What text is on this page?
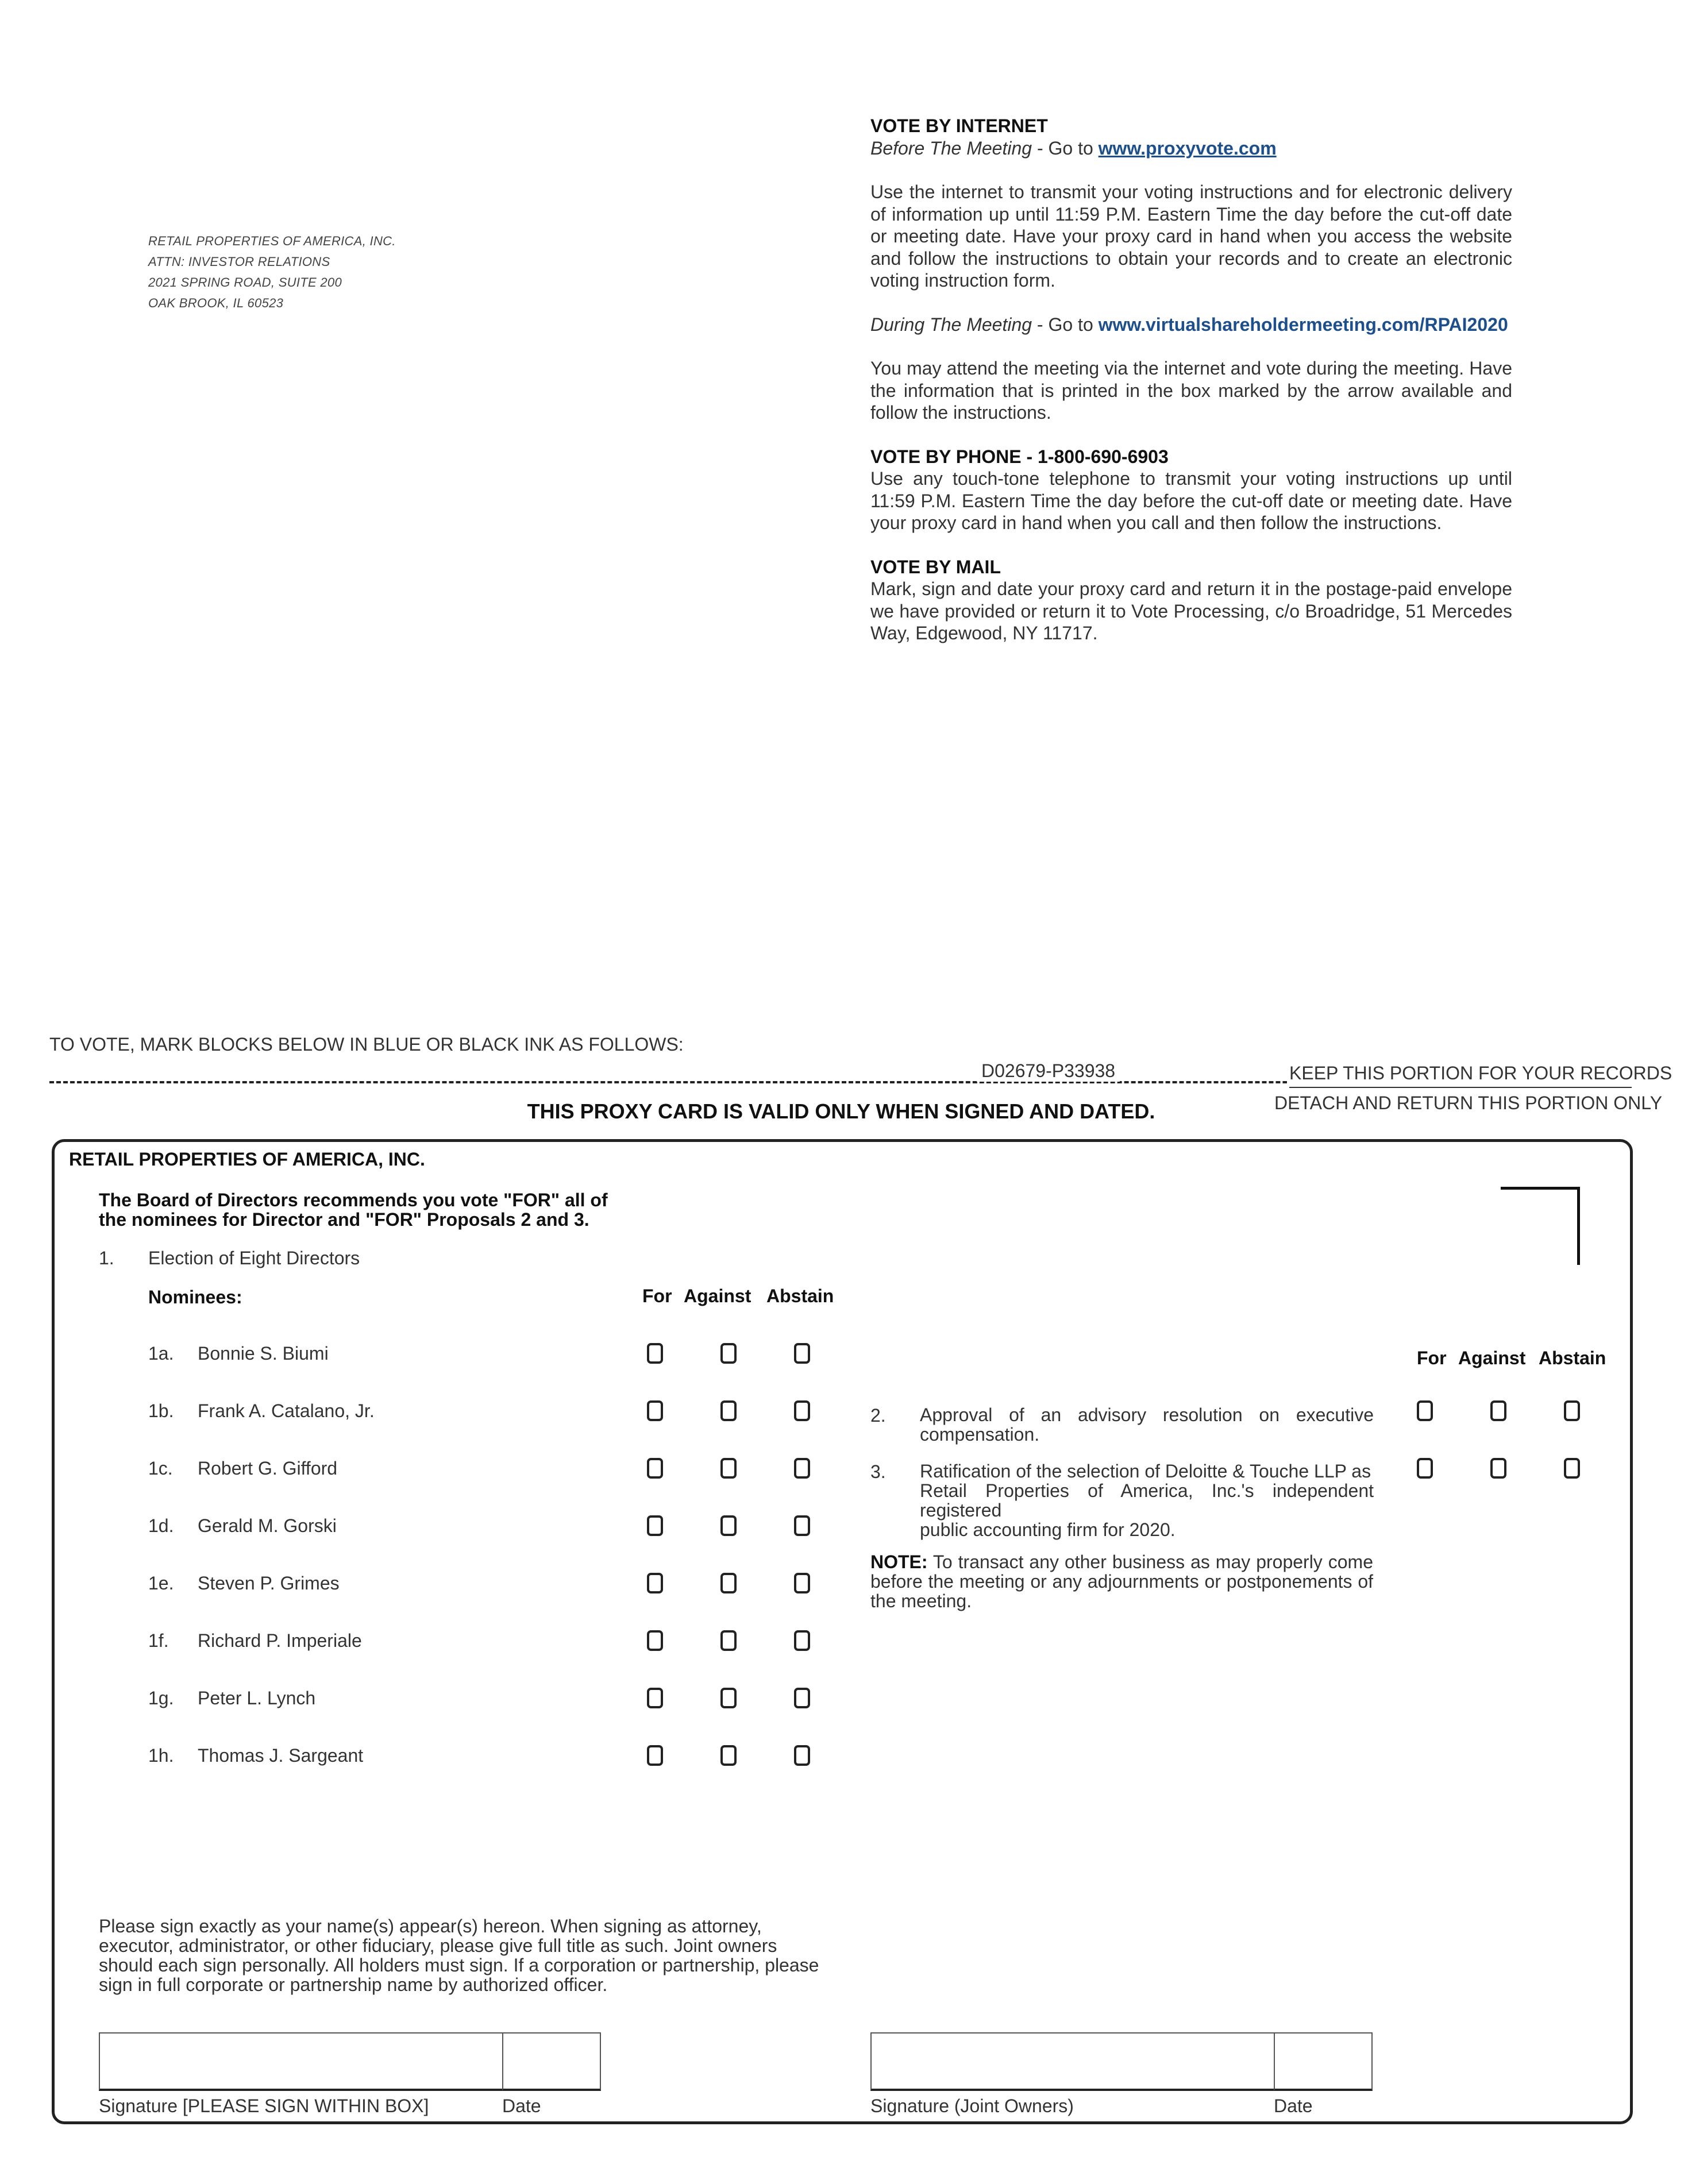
RETAIL PROPERTIES OF AMERICA, INC.
ATTN: INVESTOR RELATIONS
2021 SPRING ROAD, SUITE 200
OAK BROOK, IL 60523
VOTE BY INTERNET
Before The Meeting - Go to www.proxyvote.com

Use the internet to transmit your voting instructions and for electronic delivery of information up until 11:59 P.M. Eastern Time the day before the cut-off date or meeting date. Have your proxy card in hand when you access the website and follow the instructions to obtain your records and to create an electronic voting instruction form.

During The Meeting - Go to www.virtualshareholdermeeting.com/RPAI2020

You may attend the meeting via the internet and vote during the meeting. Have the information that is printed in the box marked by the arrow available and follow the instructions.

VOTE BY PHONE - 1-800-690-6903

Use any touch-tone telephone to transmit your voting instructions up until 11:59 P.M. Eastern Time the day before the cut-off date or meeting date. Have your proxy card in hand when you call and then follow the instructions.

VOTE BY MAIL

Mark, sign and date your proxy card and return it in the postage-paid envelope we have provided or return it to Vote Processing, c/o Broadridge, 51 Mercedes Way, Edgewood, NY 11717.

TO VOTE, MARK BLOCKS BELOW IN BLUE OR BLACK INK AS FOLLOWS:
D02679-P33938	KEEP THIS PORTION FOR YOUR RECORDS
DETACH AND RETURN THIS PORTION ONLY
THIS PROXY CARD IS VALID ONLY WHEN SIGNED AND DATED.
RETAIL PROPERTIES OF AMERICA, INC.
The Board of Directors recommends you vote "FOR" all of
the nominees for Director and "FOR" Proposals 2 and 3.
1. Election of Eight Directors
Nominees:	For Against Abstain
1a. Bonnie S. Biumi
1b. Frank A. Catalano, Jr.
1c. Robert G. Gifford
1d. Gerald M. Gorski
1e. Steven P. Grimes
1f. Richard P. Imperiale
1g. Peter L. Lynch
1h. Thomas J. Sargeant
For Against Abstain
2. Approval of an advisory resolution on executive
compensation.
3. Ratification of the selection of Deloitte & Touche LLP as
Retail Properties of America, Inc.'s independent registered
public accounting firm for 2020.
NOTE: To transact any other business as may properly come before the meeting or any adjournments or postponements of the meeting.
Please sign exactly as your name(s) appear(s) hereon. When signing as attorney, executor, administrator, or other fiduciary, please give full title as such. Joint owners should each sign personally. All holders must sign. If a corporation or partnership, please sign in full corporate or partnership name by authorized officer.
Signature [PLEASE SIGN WITHIN BOX]	Date	Signature (Joint Owners)	Date
